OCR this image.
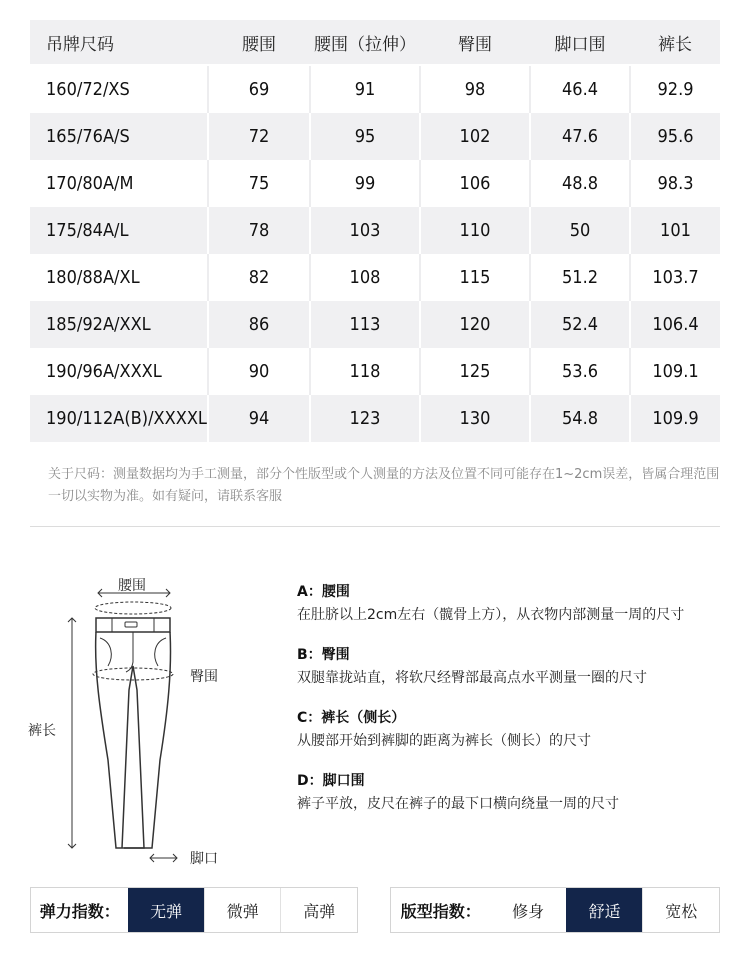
吊牌尺码	腰围	腰围（拉伸）	臀围	脚口围	裤长
160/72/XS	69	91	98	46.4	92.9
165/76A/S	72	95	102	47.6	95.6
170/80A/M	75	99	106	48.8	98.3
175/84A/L	78	103	110	50	101
180/88A/XL	82	108	115	51.2	103.7
185/92A/XXL	86	113	120	52.4	106.4
190/96A/XXXL	90	118	125	53.6	109.1
190/112A(B)/XXXXL	94	123	130	54.8	109.9

关于尺码：测量数据均为手工测量，部分个性版型或个人测量的方法及位置不同可能存在1~2cm误差，皆属合理范围一切以实物为准。如有疑问，请联系客服

腰围
臀围
裤长
脚口
A：腰围
在肚脐以上2cm左右（髋骨上方），从衣物内部测量一周的尺寸
B：臀围
双腿靠拢站直，将软尺经臀部最高点水平测量一圈的尺寸
C：裤长（侧长）
从腰部开始到裤脚的距离为裤长（侧长）的尺寸
D：脚口围
裤子平放，皮尺在裤子的最下口横向绕量一周的尺寸
弹力指数：	无弹	微弹	高弹	版型指数：	修身	舒适	宽松
